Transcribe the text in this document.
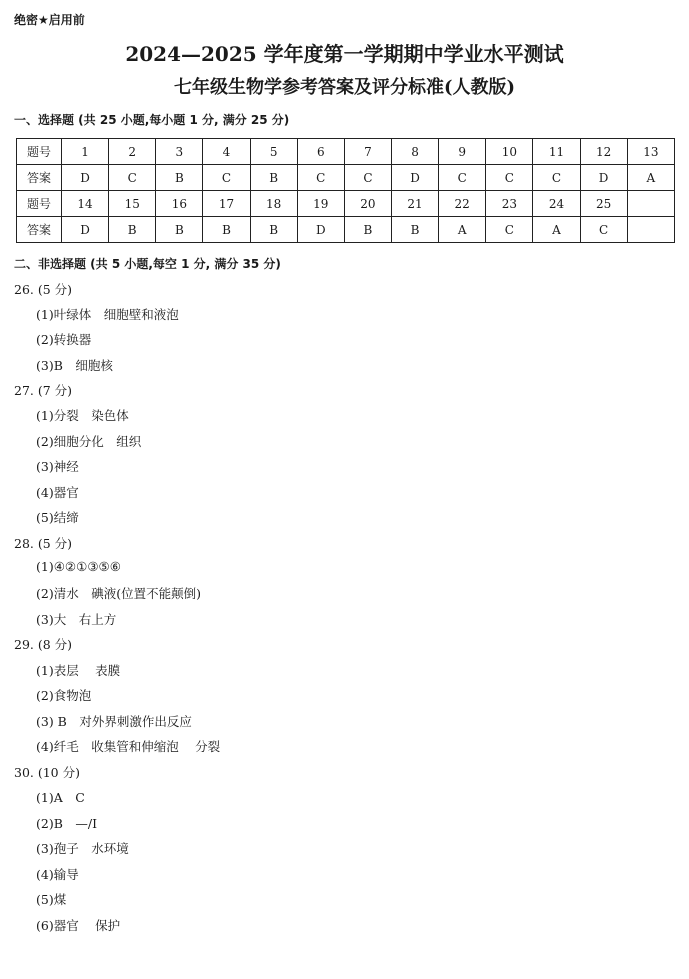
绝密★启用前
2024—2025 学年度第一学期期中学业水平测试
七年级生物学参考答案及评分标准(人教版)
一、选择题 (共 25 小题,每小题 1 分, 满分 25 分)
题号	1	2	3	4	5	6	7	8	9	10	11	12	13
答案	D	C	B	C	B	C	C	D	C	C	C	D	A
题号	14	15	16	17	18	19	20	21	22	23	24	25	
答案	D	B	B	B	B	D	B	B	A	C	A	C	
二、非选择题 (共 5 小题,每空 1 分, 满分 35 分)
26. (5 分)
(1)叶绿体　细胞壁和液泡
(2)转换器
(3)B　细胞核
27. (7 分)
(1)分裂　染色体
(2)细胞分化　组织
(3)神经
(4)器官
(5)结缔
28. (5 分)
(1)④②①③⑤⑥
(2)清水　碘液(位置不能颠倒)
(3)大　右上方
29. (8 分)
(1)表层　 表膜
(2)食物泡
(3) B　对外界刺激作出反应
(4)纤毛　收集管和伸缩泡　 分裂
30. (10 分)
(1)A　C
(2)B　—/I
(3)孢子　水环境
(4)输导
(5)煤
(6)器官　 保护
